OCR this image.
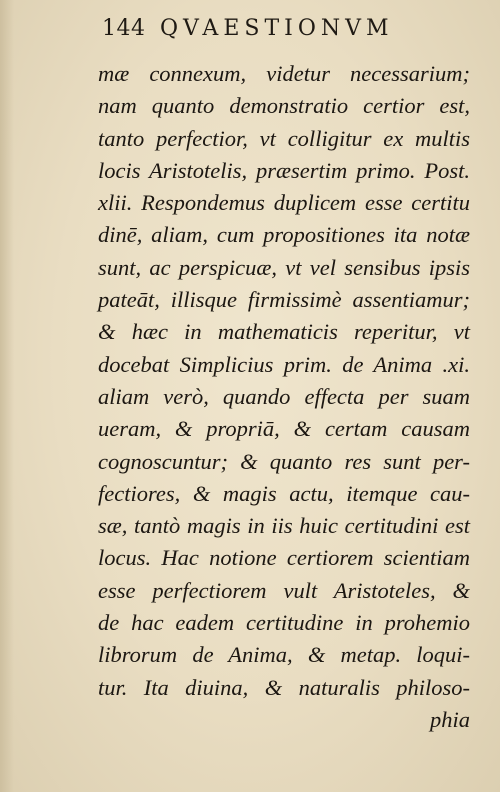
144 QVAESTIONVM
mæ connexum, videtur necessarium;
nam quanto demonstratio certior est,
tanto perfectior, vt colligitur ex multis
locis Aristotelis, præsertim primo. Post.
xlii. Respondemus duplicem esse certitu
dinē, aliam, cum propositiones ita notæ
sunt, ac perspicuæ, vt vel sensibus ipsis
pateāt, illisque firmissimè assentiamur;
& hæc in mathematicis reperitur, vt
docebat Simplicius prim. de Anima .xi.
aliam verò, quando effecta per suam
ueram, & propriā, & certam causam
cognoscuntur; & quanto res sunt per-
fectiores, & magis actu, itemque cau-
sæ, tantò magis in iis huic certitudini est
locus. Hac notione certiorem scientiam
esse perfectiorem vult Aristoteles, &
de hac eadem certitudine in prohemio
librorum de Anima, & metap. loqui-
tur. Ita diuina, & naturalis philoso-
phia
